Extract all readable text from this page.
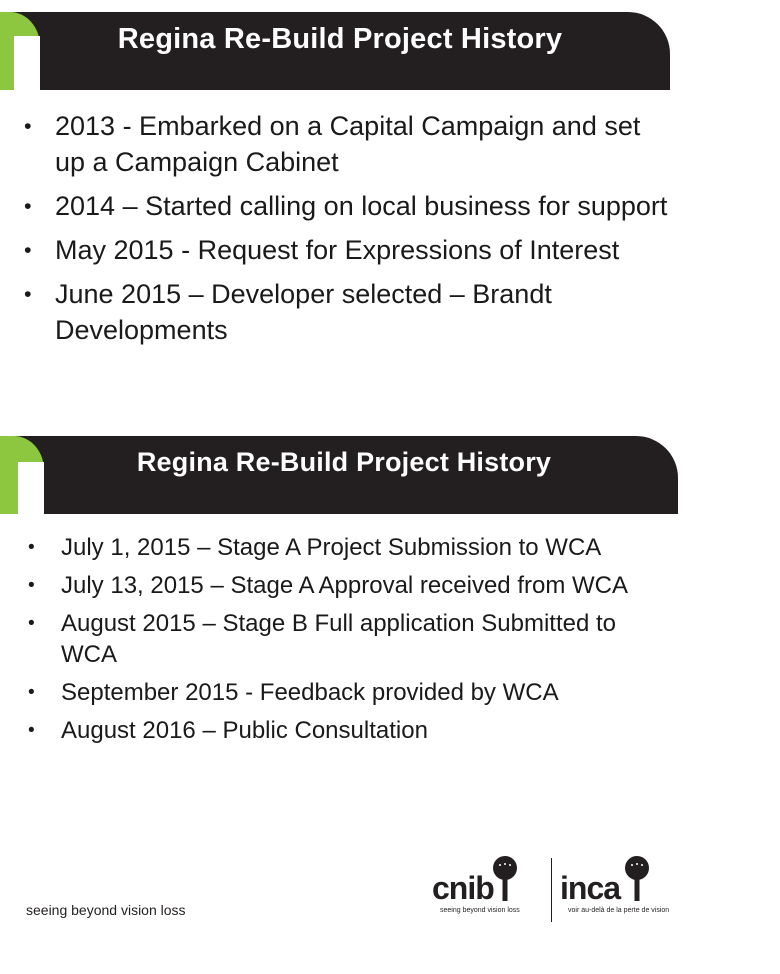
Regina Re-Build Project History
• 2013 - Embarked on a Capital Campaign and set up a Campaign Cabinet
• 2014 – Started calling on local business for support
• May 2015 - Request for Expressions of Interest
• June 2015 – Developer selected – Brandt Developments
Regina Re-Build Project History
• July 1, 2015 – Stage A Project Submission to WCA
• July 13, 2015 – Stage A Approval received from WCA
• August 2015 – Stage B Full application Submitted to WCA
• September 2015 - Feedback provided by WCA
• August 2016 – Public Consultation
seeing beyond vision loss
cnib
seeing beyond vision loss
inca
voir au-delà de la perte de vision
